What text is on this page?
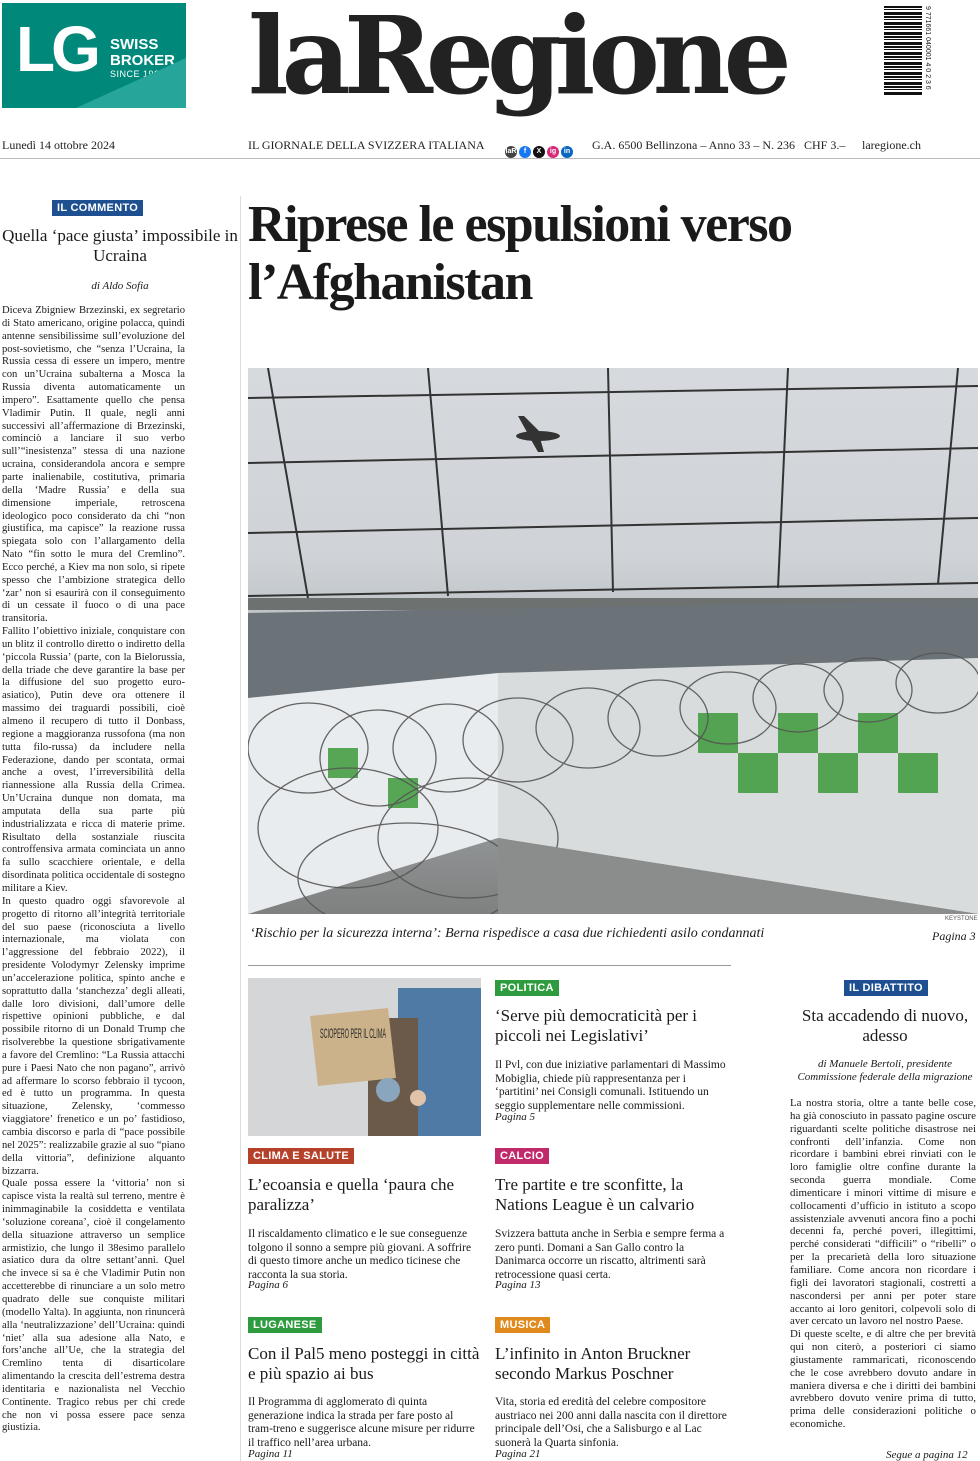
LG SWISS
BROKER
SINCE 1909 laRegione	9 771661 040001 4 0 2 3 6
Lunedì 14 ottobre 2024	IL GIORNALE DELLA SVIZZERA ITALIANA	laR	f	X	ig	in G.A. 6500 Bellinzona – Anno 33 – N. 236 CHF 3.– laregione.ch
IL COMMENTO
Quella ‘pace giusta’ impossibile in Ucraina
di Aldo Sofia

Diceva Zbigniew Brzezinski, ex segretario di Stato americano, origine polacca, quindi antenne sensibilissime sull’evoluzione del post-sovietismo, che “senza l’Ucraina, la Russia cessa di essere un impero, mentre con un’Ucraina subalterna a Mosca la Russia diventa automaticamente un impero”. Esattamente quello che pensa Vladimir Putin. Il quale, negli anni successivi all’affermazione di Brzezinski, cominciò a lanciare il suo verbo sull’“inesistenza” stessa di una nazione ucraina, considerandola ancora e sempre parte inalienabile, costitutiva, primaria della ‘Madre Russia’ e della sua dimensione imperiale, retroscena ideologico poco considerato da chi “non giustifica, ma capisce” la reazione russa spiegata solo con l’allargamento della Nato “fin sotto le mura del Cremlino”. Ecco perché, a Kiev ma non solo, si ripete spesso che l’ambizione strategica dello ‘zar’ non si esaurirà con il conseguimento di un cessate il fuoco o di una pace transitoria.

Fallito l’obiettivo iniziale, conquistare con un blitz il controllo diretto o indiretto della ‘piccola Russia’ (parte, con la Bielorussia, della triade che deve garantire la base per la diffusione del suo progetto euro-asiatico), Putin deve ora ottenere il massimo dei traguardi possibili, cioè almeno il recupero di tutto il Donbass, regione a maggioranza russofona (ma non tutta filo-russa) da includere nella Federazione, dando per scontata, ormai anche a ovest, l’irreversibilità della riannessione alla Russia della Crimea. Un’Ucraina dunque non domata, ma amputata della sua parte più industrializzata e ricca di materie prime. Risultato della sostanziale riuscita controffensiva armata cominciata un anno fa sullo scacchiere orientale, e della disordinata politica occidentale di sostegno militare a Kiev.

In questo quadro oggi sfavorevole al progetto di ritorno all’integrità territoriale del suo paese (riconosciuta a livello internazionale, ma violata con l’aggressione del febbraio 2022), il presidente Volodymyr Zelensky imprime un’accelerazione politica, spinto anche e soprattutto dalla ‘stanchezza’ degli alleati, dalle loro divisioni, dall’umore delle rispettive opinioni pubbliche, e dal possibile ritorno di un Donald Trump che risolverebbe la questione sbrigativamente a favore del Cremlino: “La Russia attacchi pure i Paesi Nato che non pagano”, arrivò ad affermare lo scorso febbraio il tycoon, ed è tutto un programma. In questa situazione, Zelensky, ‘commesso viaggiatore’ frenetico e un po’ fastidioso, cambia discorso e parla di “pace possibile nel 2025”: realizzabile grazie al suo “piano della vittoria”, definizione alquanto bizzarra.

Quale possa essere la ‘vittoria’ non si capisce vista la realtà sul terreno, mentre è inimmaginabile la cosiddetta e ventilata ‘soluzione coreana’, cioè il congelamento della situazione attraverso un semplice armistizio, che lungo il 38esimo parallelo asiatico dura da oltre settant’anni. Quel che invece si sa è che Vladimir Putin non accetterebbe di rinunciare a un solo metro quadrato delle sue conquiste militari (modello Yalta). In aggiunta, non rinuncerà alla ‘neutralizzazione’ dell’Ucraina: quindi ‘niet’ alla sua adesione alla Nato, e fors’anche all’Ue, che la strategia del Cremlino tenta di disarticolare alimentando la crescita dell’estrema destra identitaria e nazionalista nel Vecchio Continente. Tragico rebus per chi crede che non vi possa essere pace senza giustizia.

Riprese le espulsioni verso l’Afghanistan
KEYSTONE
‘Rischio per la sicurezza interna’: Berna rispedisce a casa due richiedenti asilo condannati	Pagina 3
SCIOPERO PER IL CLIMA
CLIMA E SALUTE
L’ecoansia e quella ‘paura che paralizza’
Il riscaldamento climatico e le sue conseguenze tolgono il sonno a sempre più giovani. A soffrire di questo timore anche un medico ticinese che racconta la sua storia.
Pagina 6
LUGANESE
Con il Pal5 meno posteggi in città e più spazio ai bus
Il Programma di agglomerato di quinta generazione indica la strada per fare posto al tram-treno e suggerisce alcune misure per ridurre il traffico nell’area urbana.
Pagina 11
POLITICA
‘Serve più democraticità per i piccoli nei Legislativi’
Il Pvl, con due iniziative parlamentari di Massimo Mobiglia, chiede più rappresentanza per i ‘partitini’ nei Consigli comunali. Istituendo un seggio supplementare nelle commissioni.
Pagina 5
CALCIO
Tre partite e tre sconfitte, la Nations League è un calvario
Svizzera battuta anche in Serbia e sempre ferma a zero punti. Domani a San Gallo contro la Danimarca occorre un riscatto, altrimenti sarà retrocessione quasi certa.
Pagina 13
MUSICA
L’infinito in Anton Bruckner secondo Markus Poschner
Vita, storia ed eredità del celebre compositore austriaco nei 200 anni dalla nascita con il direttore principale dell’Osi, che a Salisburgo e al Lac suonerà la Quarta sinfonia.
Pagina 21
IL DIBATTITO
Sta accadendo di nuovo, adesso
di Manuele Bertoli, presidente Commissione federale della migrazione

La nostra storia, oltre a tante belle cose, ha già conosciuto in passato pagine oscure riguardanti scelte politiche disastrose nei confronti dell’infanzia. Come non ricordare i bambini ebrei rinviati con le loro famiglie oltre confine durante la seconda guerra mondiale. Come dimenticare i minori vittime di misure e collocamenti d’ufficio in istituto a scopo assistenziale avvenuti ancora fino a pochi decenni fa, perché poveri, illegittimi, perché considerati “difficili” o “ribelli” o per la precarietà della loro situazione familiare. Come ancora non ricordare i figli dei lavoratori stagionali, costretti a nascondersi per anni per poter stare accanto ai loro genitori, colpevoli solo di aver cercato un lavoro nel nostro Paese.

Di queste scelte, e di altre che per brevità qui non citerò, a posteriori ci siamo giustamente rammaricati, riconoscendo che le cose avrebbero dovuto andare in maniera diversa e che i diritti dei bambini avrebbero dovuto venire prima di tutto, prima delle considerazioni politiche o economiche.

Segue a pagina 12
